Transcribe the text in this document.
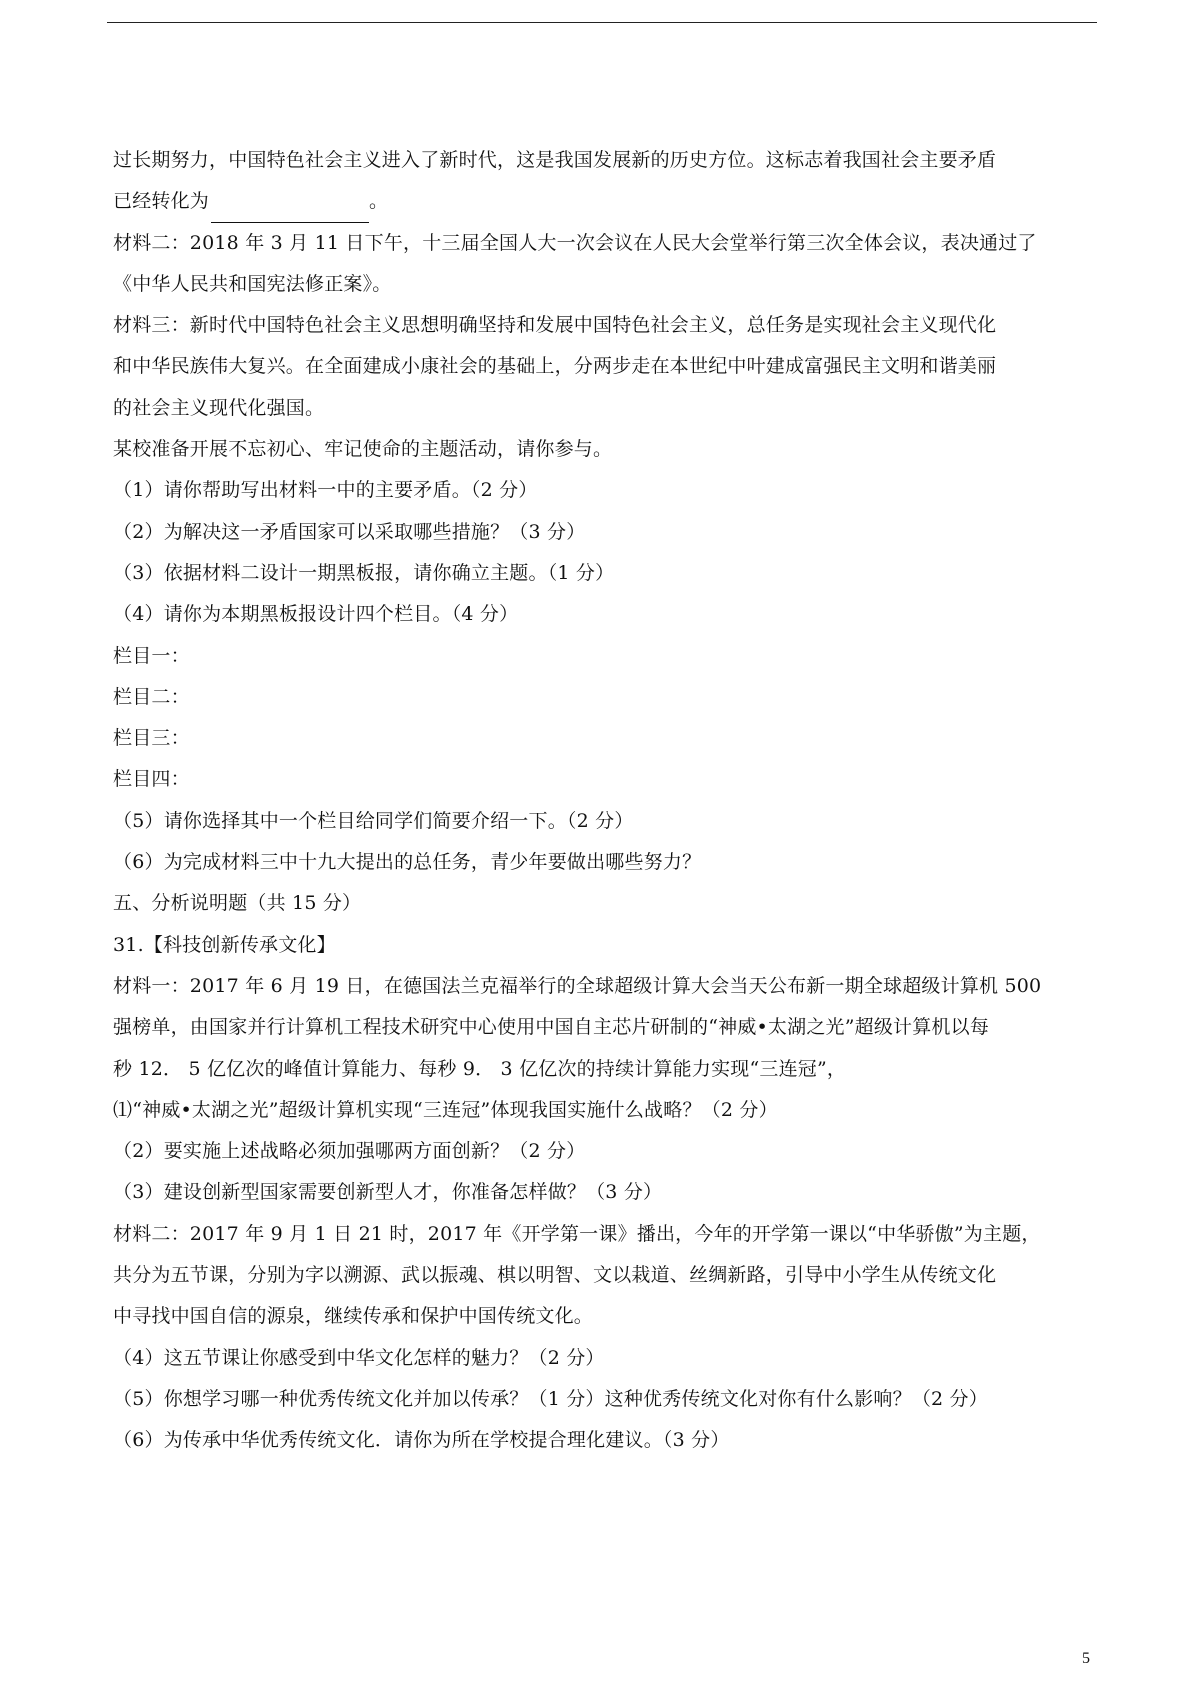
过长期努力，中国特色社会主义进入了新时代，这是我国发展新的历史方位。这标志着我国社会主要矛盾
已经转化为	。
材料二：2018 年 3 月 11 日下午，十三届全国人大一次会议在人民大会堂举行第三次全体会议，表决通过了
《中华人民共和国宪法修正案》。
材料三：新时代中国特色社会主义思想明确坚持和发展中国特色社会主义，总任务是实现社会主义现代化
和中华民族伟大复兴。在全面建成小康社会的基础上，分两步走在本世纪中叶建成富强民主文明和谐美丽
的社会主义现代化强国。
某校准备开展不忘初心、牢记使命的主题活动，请你参与。
（1）请你帮助写出材料一中的主要矛盾。（2 分）
（2）为解决这一矛盾国家可以采取哪些措施？（3 分）
（3）依据材料二设计一期黑板报，请你确立主题。（1 分）
（4）请你为本期黑板报设计四个栏目。（4 分）
栏目一：
栏目二：
栏目三：
栏目四：
（5）请你选择其中一个栏目给同学们简要介绍一下。（2 分）
（6）为完成材料三中十九大提出的总任务，青少年要做出哪些努力？
五、分析说明题（共 15 分）
31.【科技创新传承文化】
材料一：2017 年 6 月 19 日，在德国法兰克福举行的全球超级计算大会当天公布新一期全球超级计算机 500
强榜单，由国家并行计算机工程技术研究中心使用中国自主芯片研制的“神威•太湖之光”超级计算机以每
秒 12． 5 亿亿次的峰值计算能力、每秒 9． 3 亿亿次的持续计算能力实现“三连冠”，
⑴“神威•太湖之光”超级计算机实现“三连冠”体现我国实施什么战略？（2 分）
（2）要实施上述战略必须加强哪两方面创新？（2 分）
（3）建设创新型国家需要创新型人才，你准备怎样做？（3 分）
材料二：2017 年 9 月 1 日 21 时，2017 年《开学第一课》播出，今年的开学第一课以“中华骄傲”为主题，
共分为五节课，分别为字以溯源、武以振魂、棋以明智、文以栽道、丝绸新路，引导中小学生从传统文化
中寻找中国自信的源泉，继续传承和保护中国传统文化。
（4）这五节课让你感受到中华文化怎样的魅力？（2 分）
（5）你想学习哪一种优秀传统文化并加以传承？（1 分）这种优秀传统文化对你有什么影响？（2 分）
（6）为传承中华优秀传统文化．请你为所在学校提合理化建议。（3 分）
5
